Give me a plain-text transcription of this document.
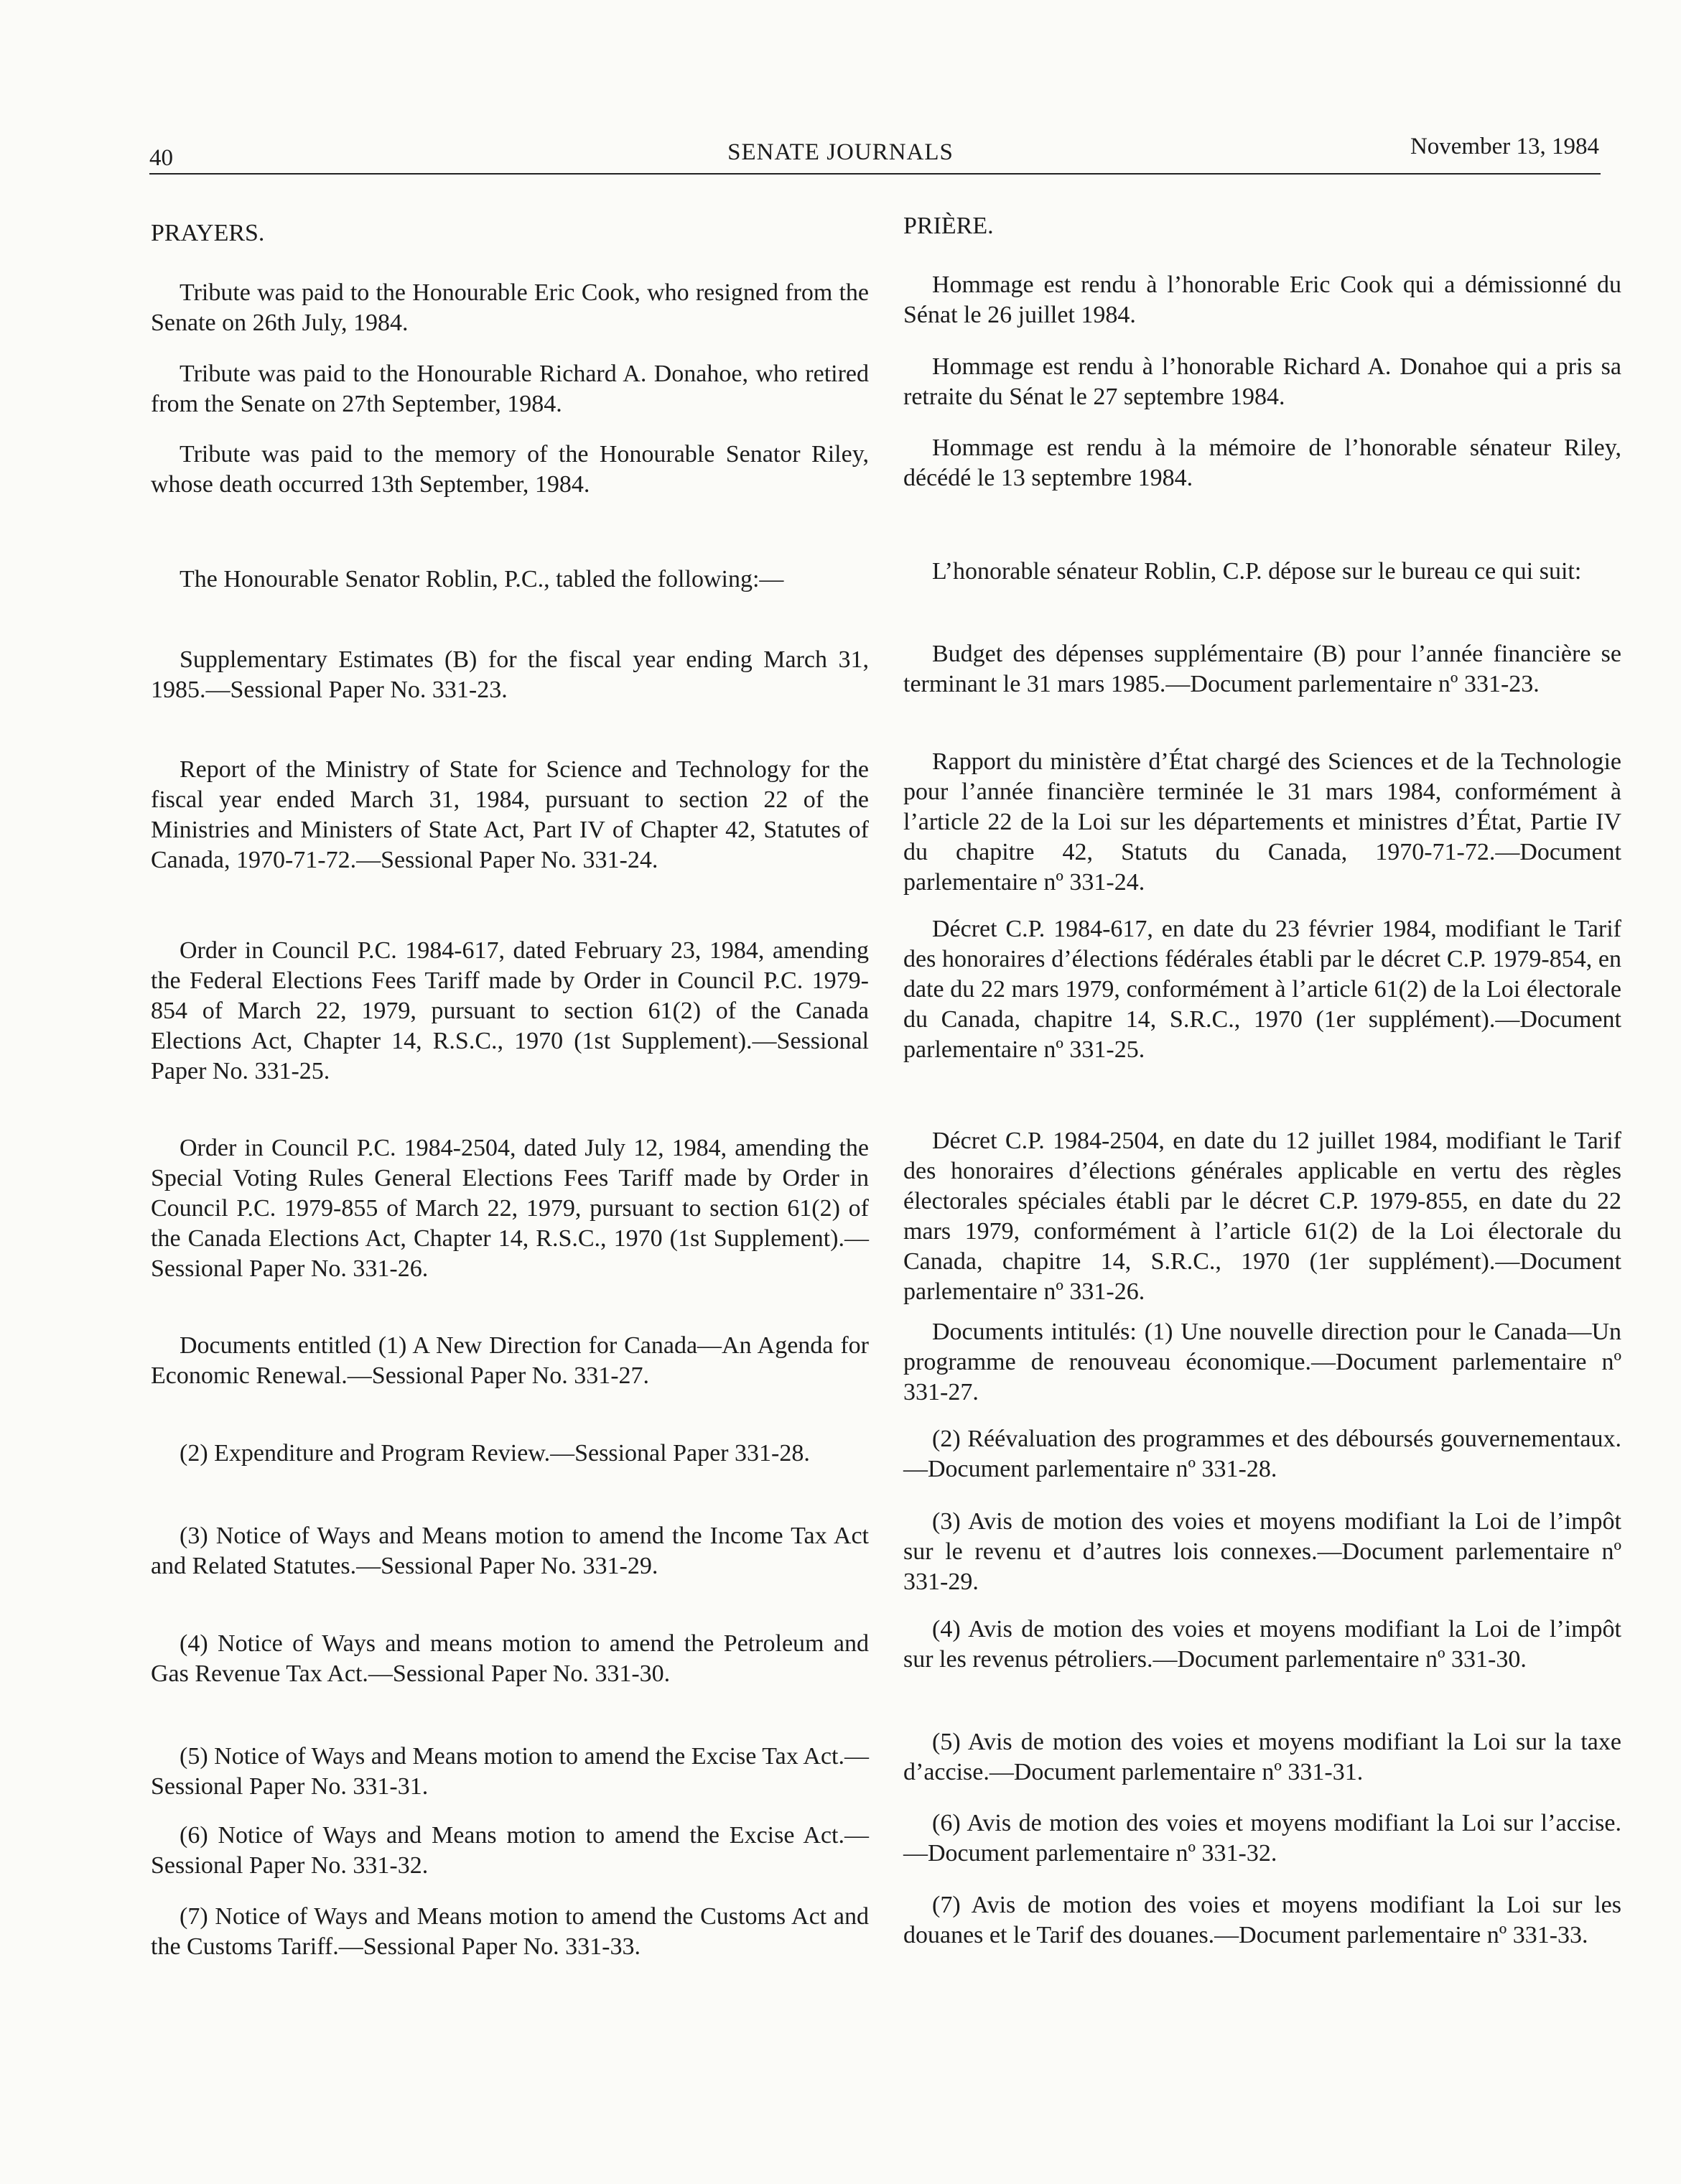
40	SENATE JOURNALS	November 13, 1984

PRAYERS.

Tribute was paid to the Honourable Eric Cook, who resigned from the Senate on 26th July, 1984.

Tribute was paid to the Honourable Richard A. Donahoe, who retired from the Senate on 27th September, 1984.

Tribute was paid to the memory of the Honourable Senator Riley, whose death occurred 13th September, 1984.

The Honourable Senator Roblin, P.C., tabled the following:—

Supplementary Estimates (B) for the fiscal year ending March 31, 1985.—Sessional Paper No. 331-23.

Report of the Ministry of State for Science and Technology for the fiscal year ended March 31, 1984, pursuant to section 22 of the Ministries and Ministers of State Act, Part IV of Chapter 42, Statutes of Canada, 1970-71-72.—Sessional Paper No. 331-24.

Order in Council P.C. 1984-617, dated February 23, 1984, amending the Federal Elections Fees Tariff made by Order in Council P.C. 1979-854 of March 22, 1979, pursuant to section 61(2) of the Canada Elections Act, Chapter 14, R.S.C., 1970 (1st Supplement).—Sessional Paper No. 331-25.

Order in Council P.C. 1984-2504, dated July 12, 1984, amending the Special Voting Rules General Elections Fees Tariff made by Order in Council P.C. 1979-855 of March 22, 1979, pursuant to section 61(2) of the Canada Elections Act, Chapter 14, R.S.C., 1970 (1st Supplement).—Sessional Paper No. 331-26.

Documents entitled (1) A New Direction for Canada—An Agenda for Economic Renewal.—Sessional Paper No. 331-27.

(2) Expenditure and Program Review.—Sessional Paper 331-28.

(3) Notice of Ways and Means motion to amend the Income Tax Act and Related Statutes.—Sessional Paper No. 331-29.

(4) Notice of Ways and means motion to amend the Petroleum and Gas Revenue Tax Act.—Sessional Paper No. 331-30.

(5) Notice of Ways and Means motion to amend the Excise Tax Act.—Sessional Paper No. 331-31.

(6) Notice of Ways and Means motion to amend the Excise Act.—Sessional Paper No. 331-32.

(7) Notice of Ways and Means motion to amend the Customs Act and the Customs Tariff.—Sessional Paper No. 331-33.

PRIÈRE.

Hommage est rendu à l’honorable Eric Cook qui a démissionné du Sénat le 26 juillet 1984.

Hommage est rendu à l’honorable Richard A. Donahoe qui a pris sa retraite du Sénat le 27 septembre 1984.

Hommage est rendu à la mémoire de l’honorable sénateur Riley, décédé le 13 septembre 1984.

L’honorable sénateur Roblin, C.P. dépose sur le bureau ce qui suit:

Budget des dépenses supplémentaire (B) pour l’année financière se terminant le 31 mars 1985.—Document parlementaire nº 331-23.

Rapport du ministère d’État chargé des Sciences et de la Technologie pour l’année financière terminée le 31 mars 1984, conformément à l’article 22 de la Loi sur les départements et ministres d’État, Partie IV du chapitre 42, Statuts du Canada, 1970-71-72.—Document parlementaire nº 331-24.

Décret C.P. 1984-617, en date du 23 février 1984, modifiant le Tarif des honoraires d’élections fédérales établi par le décret C.P. 1979-854, en date du 22 mars 1979, conformément à l’article 61(2) de la Loi électorale du Canada, chapitre 14, S.R.C., 1970 (1er supplément).—Document parlementaire nº 331-25.

Décret C.P. 1984-2504, en date du 12 juillet 1984, modifiant le Tarif des honoraires d’élections générales applicable en vertu des règles électorales spéciales établi par le décret C.P. 1979-855, en date du 22 mars 1979, conformément à l’article 61(2) de la Loi électorale du Canada, chapitre 14, S.R.C., 1970 (1er supplément).—Document parlementaire nº 331-26.

Documents intitulés: (1) Une nouvelle direction pour le Canada—Un programme de renouveau économique.—Document parlementaire nº 331-27.

(2) Réévaluation des programmes et des déboursés gouvernementaux.—Document parlementaire nº 331-28.

(3) Avis de motion des voies et moyens modifiant la Loi de l’impôt sur le revenu et d’autres lois connexes.—Document parlementaire nº 331-29.

(4) Avis de motion des voies et moyens modifiant la Loi de l’impôt sur les revenus pétroliers.—Document parlementaire nº 331-30.

(5) Avis de motion des voies et moyens modifiant la Loi sur la taxe d’accise.—Document parlementaire nº 331-31.

(6) Avis de motion des voies et moyens modifiant la Loi sur l’accise.—Document parlementaire nº 331-32.

(7) Avis de motion des voies et moyens modifiant la Loi sur les douanes et le Tarif des douanes.—Document parlementaire nº 331-33.
